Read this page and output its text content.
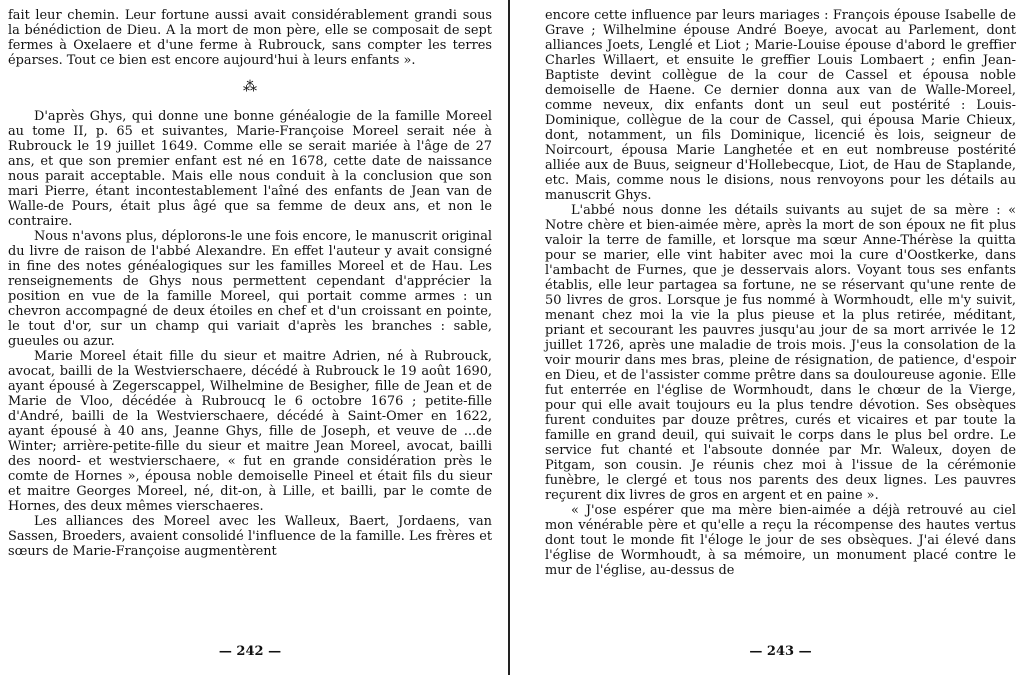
fait leur chemin. Leur fortune aussi avait considérablement grandi sous la bénédiction de Dieu. A la mort de mon père, elle se composait de sept fermes à Oxelaere et d'une ferme à Rubrouck, sans compter les terres éparses. Tout ce bien est encore aujourd'hui à leurs enfants ».

⁂

D'après Ghys, qui donne une bonne généalogie de la famille Moreel au tome II, p. 65 et suivantes, Marie-Françoise Moreel serait née à Rubrouck le 19 juillet 1649. Comme elle se serait mariée à l'âge de 27 ans, et que son premier enfant est né en 1678, cette date de naissance nous parait acceptable. Mais elle nous conduit à la conclusion que son mari Pierre, étant incontestablement l'aîné des enfants de Jean van de Walle-de Pours, était plus âgé que sa femme de deux ans, et non le contraire.

Nous n'avons plus, déplorons-le une fois encore, le manuscrit original du livre de raison de l'abbé Alexandre. En effet l'auteur y avait consigné in fine des notes généalogiques sur les familles Moreel et de Hau. Les renseignements de Ghys nous permettent cependant d'apprécier la position en vue de la famille Moreel, qui portait comme armes : un chevron accompagné de deux étoiles en chef et d'un croissant en pointe, le tout d'or, sur un champ qui variait d'après les branches : sable, gueules ou azur.

Marie Moreel était fille du sieur et maitre Adrien, né à Rubrouck, avocat, bailli de la Westvierschaere, décédé à Rubrouck le 19 août 1690, ayant épousé à Zegerscappel, Wilhelmine de Besigher, fille de Jean et de Marie de Vloo, décédée à Rubroucq le 6 octobre 1676 ; petite-fille d'André, bailli de la Westvierschaere, décédé à Saint-Omer en 1622, ayant épousé à 40 ans, Jeanne Ghys, fille de Joseph, et veuve de ...de Winter; arrière-petite-fille du sieur et maitre Jean Moreel, avocat, bailli des noord- et westvierschaere, « fut en grande considération près le comte de Hornes », épousa noble demoiselle Pineel et était fils du sieur et maitre Georges Moreel, né, dit-on, à Lille, et bailli, par le comte de Hornes, des deux mêmes vierschaeres.

Les alliances des Moreel avec les Walleux, Baert, Jordaens, van Sassen, Broeders, avaient consolidé l'influence de la famille. Les frères et sœurs de Marie-Françoise augmentèrent

— 242 —

encore cette influence par leurs mariages : François épouse Isabelle de Grave ; Wilhelmine épouse André Boeye, avocat au Parlement, dont alliances Joets, Lenglé et Liot ; Marie-Louise épouse d'abord le greffier Charles Willaert, et ensuite le greffier Louis Lombaert ; enfin Jean-Baptiste devint collègue de la cour de Cassel et épousa noble demoiselle de Haene. Ce dernier donna aux van de Walle-Moreel, comme neveux, dix enfants dont un seul eut postérité : Louis-Dominique, collègue de la cour de Cassel, qui épousa Marie Chieux, dont, notamment, un fils Dominique, licencié ès lois, seigneur de Noircourt, épousa Marie Langhetée et en eut nombreuse postérité alliée aux de Buus, seigneur d'Hollebecque, Liot, de Hau de Staplande, etc. Mais, comme nous le disions, nous renvoyons pour les détails au manuscrit Ghys.

L'abbé nous donne les détails suivants au sujet de sa mère : « Notre chère et bien-aimée mère, après la mort de son époux ne fit plus valoir la terre de famille, et lorsque ma sœur Anne-Thérèse la quitta pour se marier, elle vint habiter avec moi la cure d'Oostkerke, dans l'ambacht de Furnes, que je desservais alors. Voyant tous ses enfants établis, elle leur partagea sa fortune, ne se réservant qu'une rente de 50 livres de gros. Lorsque je fus nommé à Wormhoudt, elle m'y suivit, menant chez moi la vie la plus pieuse et la plus retirée, méditant, priant et secourant les pauvres jusqu'au jour de sa mort arrivée le 12 juillet 1726, après une maladie de trois mois. J'eus la consolation de la voir mourir dans mes bras, pleine de résignation, de patience, d'espoir en Dieu, et de l'assister comme prêtre dans sa douloureuse agonie. Elle fut enterrée en l'église de Wormhoudt, dans le chœur de la Vierge, pour qui elle avait toujours eu la plus tendre dévotion. Ses obsèques furent conduites par douze prêtres, curés et vicaires et par toute la famille en grand deuil, qui suivait le corps dans le plus bel ordre. Le service fut chanté et l'absoute donnée par Mr. Waleux, doyen de Pitgam, son cousin. Je réunis chez moi à l'issue de la cérémonie funèbre, le clergé et tous nos parents des deux lignes. Les pauvres reçurent dix livres de gros en argent et en paine ».

« J'ose espérer que ma mère bien-aimée a déjà retrouvé au ciel mon vénérable père et qu'elle a reçu la récompense des hautes vertus dont tout le monde fit l'éloge le jour de ses obsèques. J'ai élevé dans l'église de Wormhoudt, à sa mémoire, un monument placé contre le mur de l'église, au-dessus de

— 243 —
